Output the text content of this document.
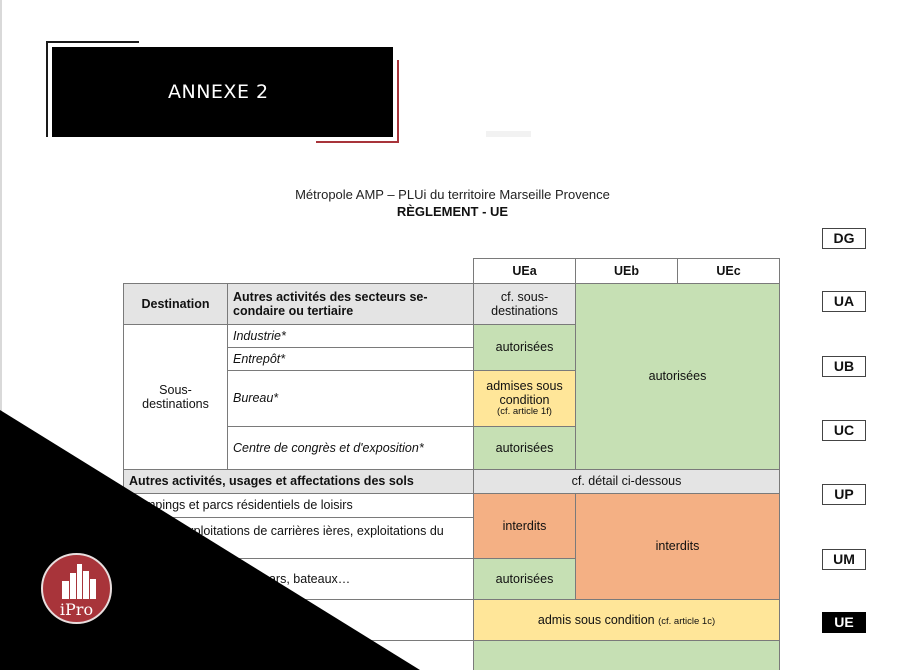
ANNEXE 2
Métropole AMP – PLUi du territoire Marseille Provence
RÈGLEMENT - UE
		UEa	UEb	UEc
Destination	Autres activités des secteurs se-condaire ou tertiaire	cf. sous-destinations	autorisées	
Sous-destinations	Industrie*	autorisées		
	Entrepôt*			
	Bureau*	admises sous condition
(cf. article 1f)		

	Centre de congrès et d'exposition*	autorisées		
Autres activités, usages et affectations des sols		cf. détail ci-dessous		
Campings et parcs résidentiels de loisirs		interdits	interdits	
ctures et exploitations de carrières ières, exploitations du sous-sol				
page et d'hivernage ing-cars, bateaux…		autorisées		
in air ne)		admis sous condition (cf. article 1c)		
ement et à auffage				
DG
UA
UB
UC
UP
UM
UE
iPro
